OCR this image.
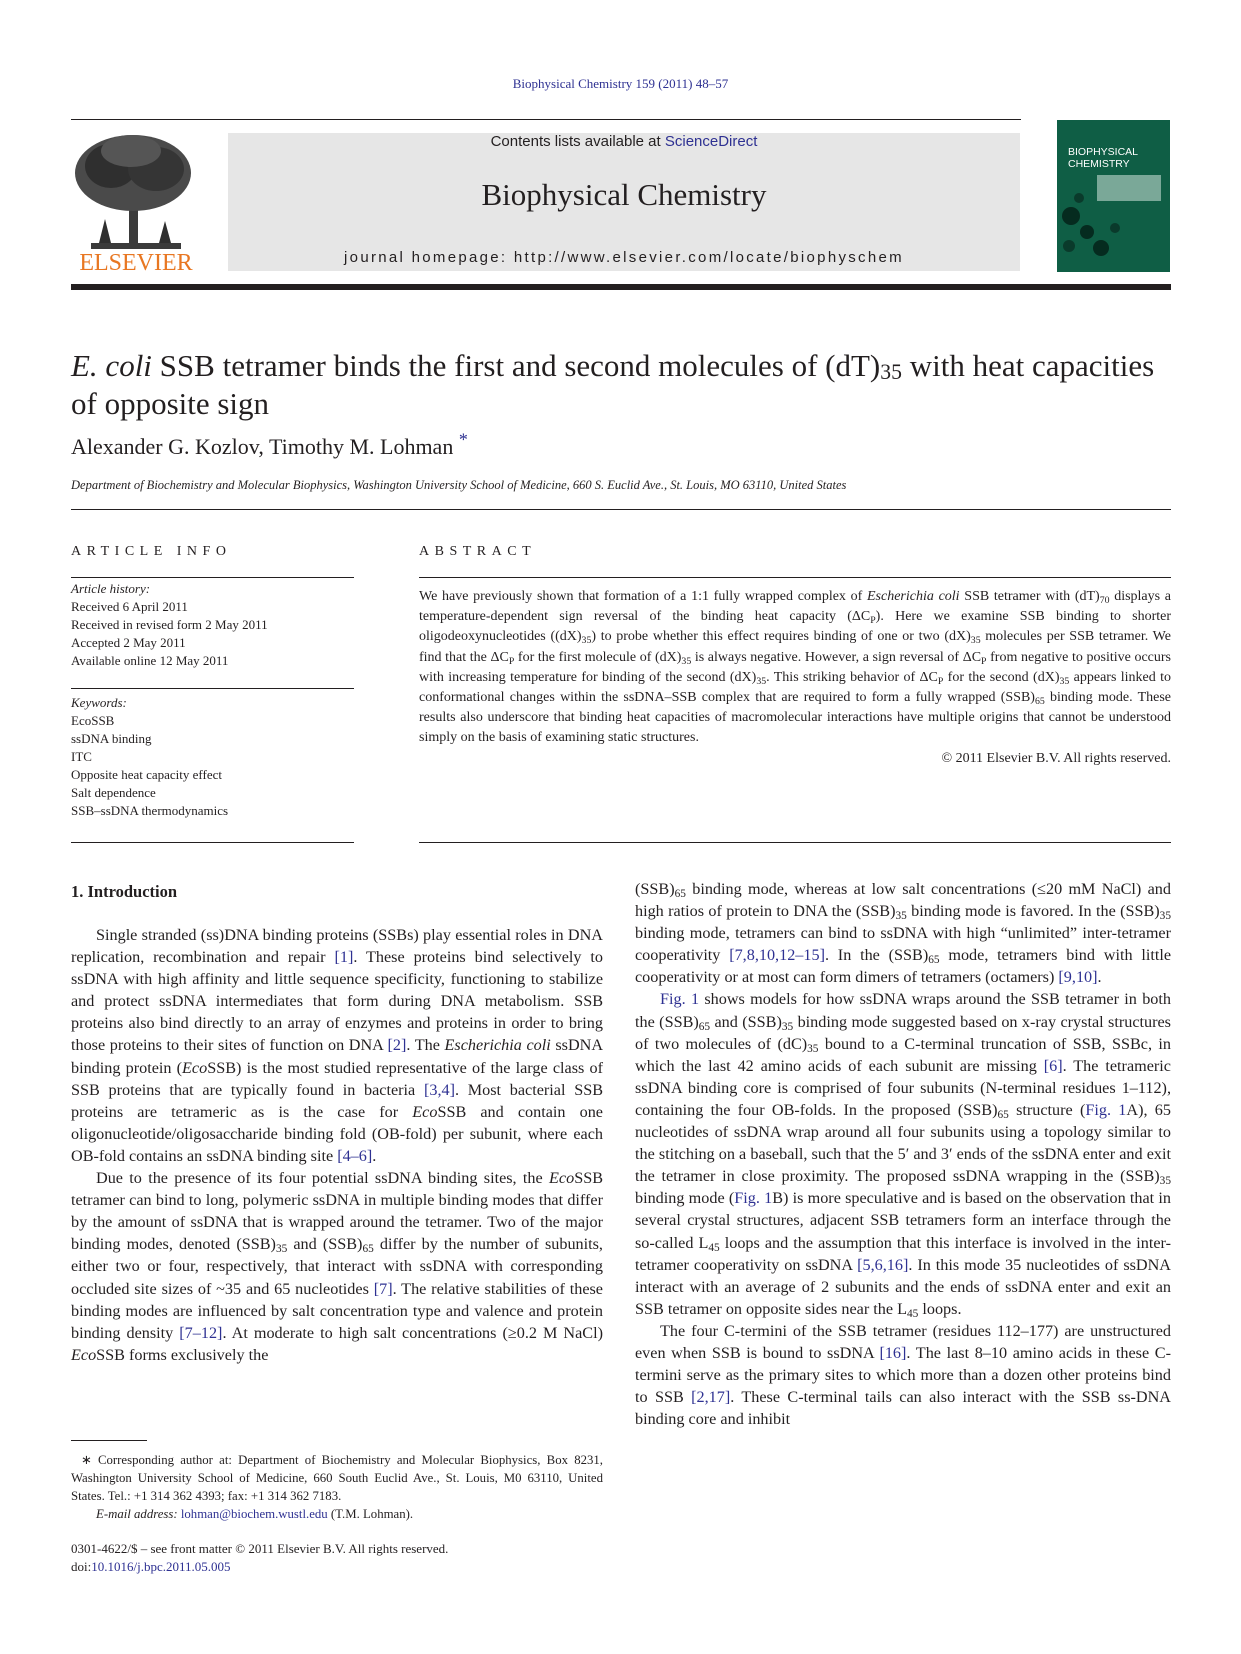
Biophysical Chemistry 159 (2011) 48–57
ELSEVIER
Contents lists available at ScienceDirect
Biophysical Chemistry
journal homepage: http://www.elsevier.com/locate/biophyschem
BIOPHYSICAL
CHEMISTRY
E. coli SSB tetramer binds the first and second molecules of $(dT)_{35}$ with heat capacities of opposite sign
Alexander G. Kozlov, Timothy M. Lohman *
Department of Biochemistry and Molecular Biophysics, Washington University School of Medicine, 660 S. Euclid Ave., St. Louis, MO 63110, United States
ARTICLE INFO
Article history:
Received 6 April 2011
Received in revised form 2 May 2011
Accepted 2 May 2011
Available online 12 May 2011
Keywords:
EcoSSB
ssDNA binding
ITC
Opposite heat capacity effect
Salt dependence
SSB–ssDNA thermodynamics
ABSTRACT
We have previously shown that formation of a 1:1 fully wrapped complex of Escherichia coli SSB tetramer with $(dT)_{70}$ displays a temperature-dependent sign reversal of the binding heat capacity $(\Delta C_P)$. Here we examine SSB binding to shorter oligodeoxynucleotides $((dX)_{35})$ to probe whether this effect requires binding of one or two $(dX)_{35}$ molecules per SSB tetramer. We find that the $\Delta C_P$ for the first molecule of $(dX)_{35}$ is always negative. However, a sign reversal of $\Delta C_P$ from negative to positive occurs with increasing temperature for binding of the second $(dX)_{35}$. This striking behavior of $\Delta C_P$ for the second $(dX)_{35}$ appears linked to conformational changes within the ssDNA–SSB complex that are required to form a fully wrapped $(SSB)_{65}$ binding mode. These results also underscore that binding heat capacities of macromolecular interactions have multiple origins that cannot be understood simply on the basis of examining static structures.
© 2011 Elsevier B.V. All rights reserved.
1. Introduction

Single stranded (ss)DNA binding proteins (SSBs) play essential roles in DNA replication, recombination and repair [1]. These proteins bind selectively to ssDNA with high affinity and little sequence specificity, functioning to stabilize and protect ssDNA intermediates that form during DNA metabolism. SSB proteins also bind directly to an array of enzymes and proteins in order to bring those proteins to their sites of function on DNA [2]. The Escherichia coli ssDNA binding protein (EcoSSB) is the most studied representative of the large class of SSB proteins that are typically found in bacteria [3,4]. Most bacterial SSB proteins are tetrameric as is the case for EcoSSB and contain one oligonucleotide/oligosaccharide binding fold (OB-fold) per subunit, where each OB-fold contains an ssDNA binding site [4–6].

Due to the presence of its four potential ssDNA binding sites, the EcoSSB tetramer can bind to long, polymeric ssDNA in multiple binding modes that differ by the amount of ssDNA that is wrapped around the tetramer. Two of the major binding modes, denoted $(SSB)_{35}$ and $(SSB)_{65}$ differ by the number of subunits, either two or four, respectively, that interact with ssDNA with corresponding occluded site sizes of ~35 and 65 nucleotides [7]. The relative stabilities of these binding modes are influenced by salt concentration type and valence and protein binding density [7–12]. At moderate to high salt concentrations (≥0.2 M NaCl) EcoSSB forms exclusively the

$(SSB)_{65}$ binding mode, whereas at low salt concentrations (≤20 mM NaCl) and high ratios of protein to DNA the $(SSB)_{35}$ binding mode is favored. In the $(SSB)_{35}$ binding mode, tetramers can bind to ssDNA with high “unlimited” inter-tetramer cooperativity [7,8,10,12–15]. In the $(SSB)_{65}$ mode, tetramers bind with little cooperativity or at most can form dimers of tetramers (octamers) [9,10].

Fig. 1 shows models for how ssDNA wraps around the SSB tetramer in both the $(SSB)_{65}$ and $(SSB)_{35}$ binding mode suggested based on x-ray crystal structures of two molecules of $(dC)_{35}$ bound to a C-terminal truncation of SSB, SSBc, in which the last 42 amino acids of each subunit are missing [6]. The tetrameric ssDNA binding core is comprised of four subunits (N-terminal residues 1–112), containing the four OB-folds. In the proposed $(SSB)_{65}$ structure (Fig. 1A), 65 nucleotides of ssDNA wrap around all four subunits using a topology similar to the stitching on a baseball, such that the 5′ and 3′ ends of the ssDNA enter and exit the tetramer in close proximity. The proposed ssDNA wrapping in the $(SSB)_{35}$ binding mode (Fig. 1B) is more speculative and is based on the observation that in several crystal structures, adjacent SSB tetramers form an interface through the so-called $L_{45}$ loops and the assumption that this interface is involved in the inter-tetramer cooperativity on ssDNA [5,6,16]. In this mode 35 nucleotides of ssDNA interact with an average of 2 subunits and the ends of ssDNA enter and exit an SSB tetramer on opposite sides near the $L_{45}$ loops.

The four C-termini of the SSB tetramer (residues 112–177) are unstructured even when SSB is bound to ssDNA [16]. The last 8–10 amino acids in these C-termini serve as the primary sites to which more than a dozen other proteins bind to SSB [2,17]. These C-terminal tails can also interact with the SSB ss-DNA binding core and inhibit

∗ Corresponding author at: Department of Biochemistry and Molecular Biophysics, Box 8231, Washington University School of Medicine, 660 South Euclid Ave., St. Louis, M0 63110, United States. Tel.: +1 314 362 4393; fax: +1 314 362 7183.
E-mail address: lohman@biochem.wustl.edu (T.M. Lohman).
0301-4622/$ – see front matter © 2011 Elsevier B.V. All rights reserved.
doi:10.1016/j.bpc.2011.05.005
